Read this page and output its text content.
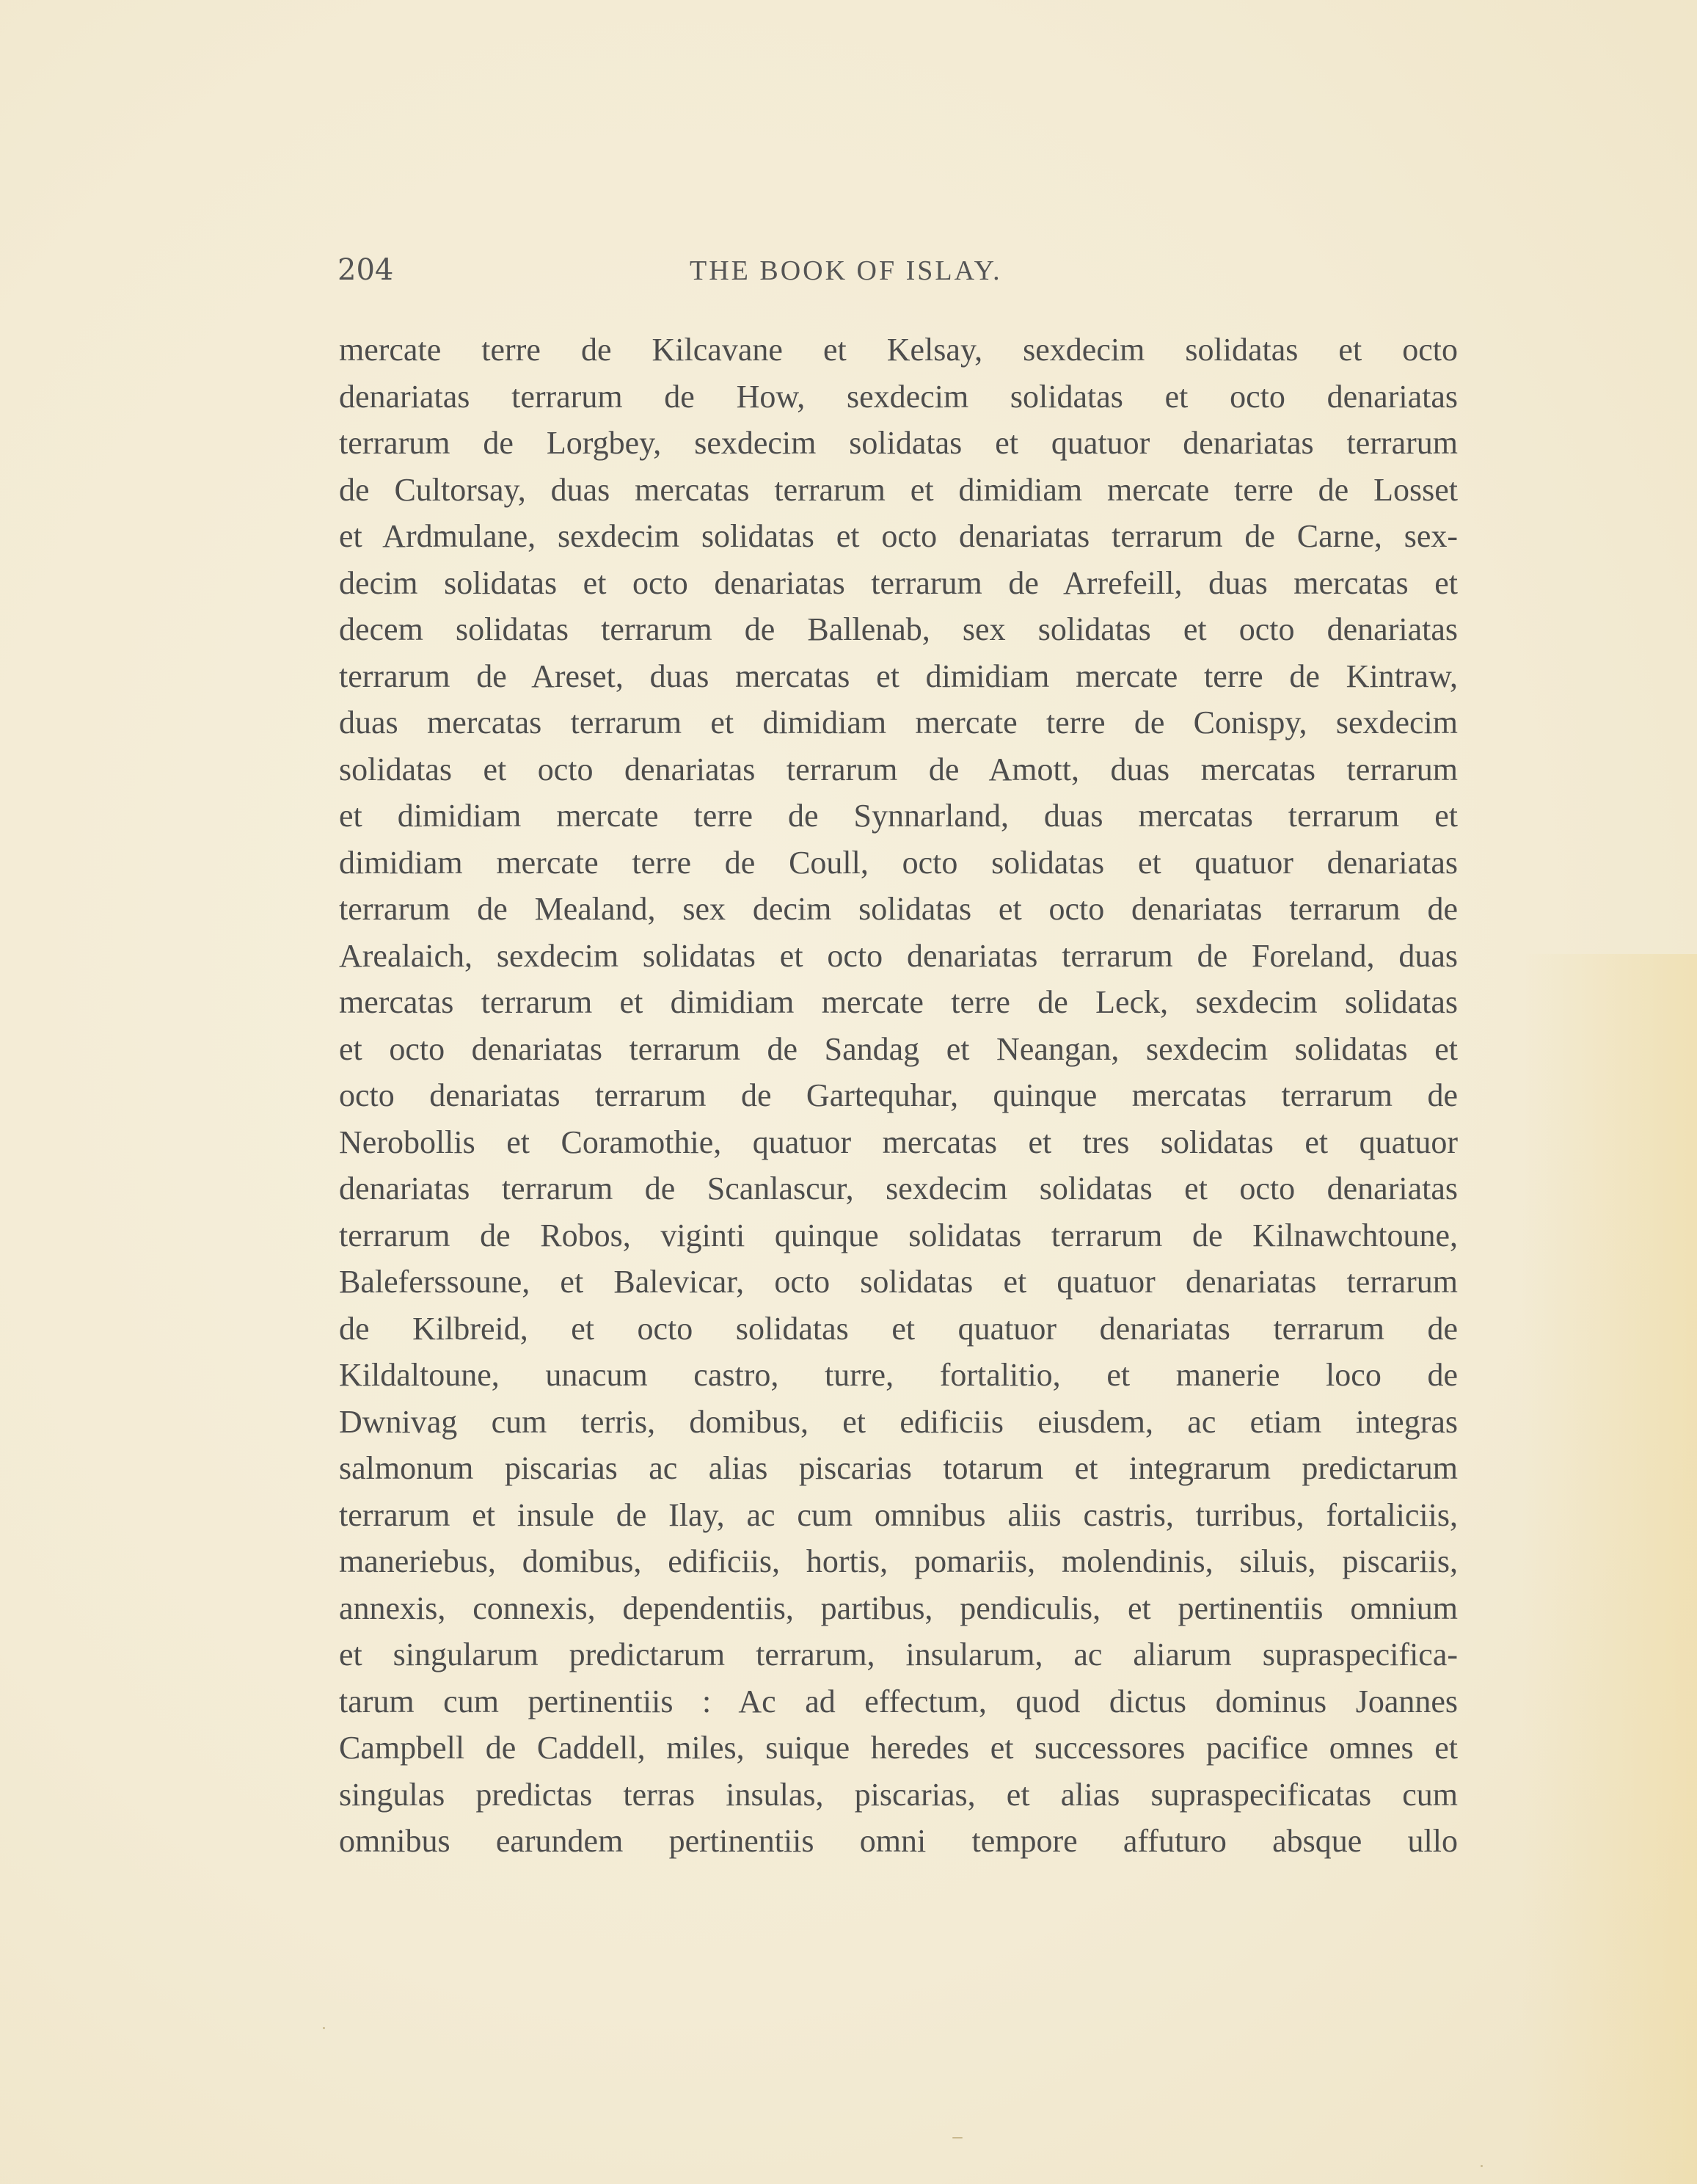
204	THE BOOK OF ISLAY.
mercate terre de Kilcavane et Kelsay, sexdecim solidatas et octo
denariatas terrarum de How, sexdecim solidatas et octo denariatas
terrarum de Lorgbey, sexdecim solidatas et quatuor denariatas terrarum
de Cultorsay, duas mercatas terrarum et dimidiam mercate terre de Losset
et Ardmulane, sexdecim solidatas et octo denariatas terrarum de Carne, sex-
decim solidatas et octo denariatas terrarum de Arrefeill, duas mercatas et
decem solidatas terrarum de Ballenab, sex solidatas et octo denariatas
terrarum de Areset, duas mercatas et dimidiam mercate terre de Kintraw,
duas mercatas terrarum et dimidiam mercate terre de Conispy, sexdecim
solidatas et octo denariatas terrarum de Amott, duas mercatas terrarum
et dimidiam mercate terre de Synnarland, duas mercatas terrarum et
dimidiam mercate terre de Coull, octo solidatas et quatuor denariatas
terrarum de Mealand, sex decim solidatas et octo denariatas terrarum de
Arealaich, sexdecim solidatas et octo denariatas terrarum de Foreland, duas
mercatas terrarum et dimidiam mercate terre de Leck, sexdecim solidatas
et octo denariatas terrarum de Sandag et Neangan, sexdecim solidatas et
octo denariatas terrarum de Gartequhar, quinque mercatas terrarum de
Nerobollis et Coramothie, quatuor mercatas et tres solidatas et quatuor
denariatas terrarum de Scanlascur, sexdecim solidatas et octo denariatas
terrarum de Robos, viginti quinque solidatas terrarum de Kilnawchtoune,
Baleferssoune, et Balevicar, octo solidatas et quatuor denariatas terrarum
de Kilbreid, et octo solidatas et quatuor denariatas terrarum de
Kildaltoune, unacum castro, turre, fortalitio, et manerie loco de
Dwnivag cum terris, domibus, et edificiis eiusdem, ac etiam integras
salmonum piscarias ac alias piscarias totarum et integrarum predictarum
terrarum et insule de Ilay, ac cum omnibus aliis castris, turribus, fortaliciis,
maneriebus, domibus, edificiis, hortis, pomariis, molendinis, siluis, piscariis,
annexis, connexis, dependentiis, partibus, pendiculis, et pertinentiis omnium
et singularum predictarum terrarum, insularum, ac aliarum supraspecifica-
tarum cum pertinentiis : Ac ad effectum, quod dictus dominus Joannes
Campbell de Caddell, miles, suique heredes et successores pacifice omnes et
singulas predictas terras insulas, piscarias, et alias supraspecificatas cum
omnibus earundem pertinentiis omni tempore affuturo absque ullo
